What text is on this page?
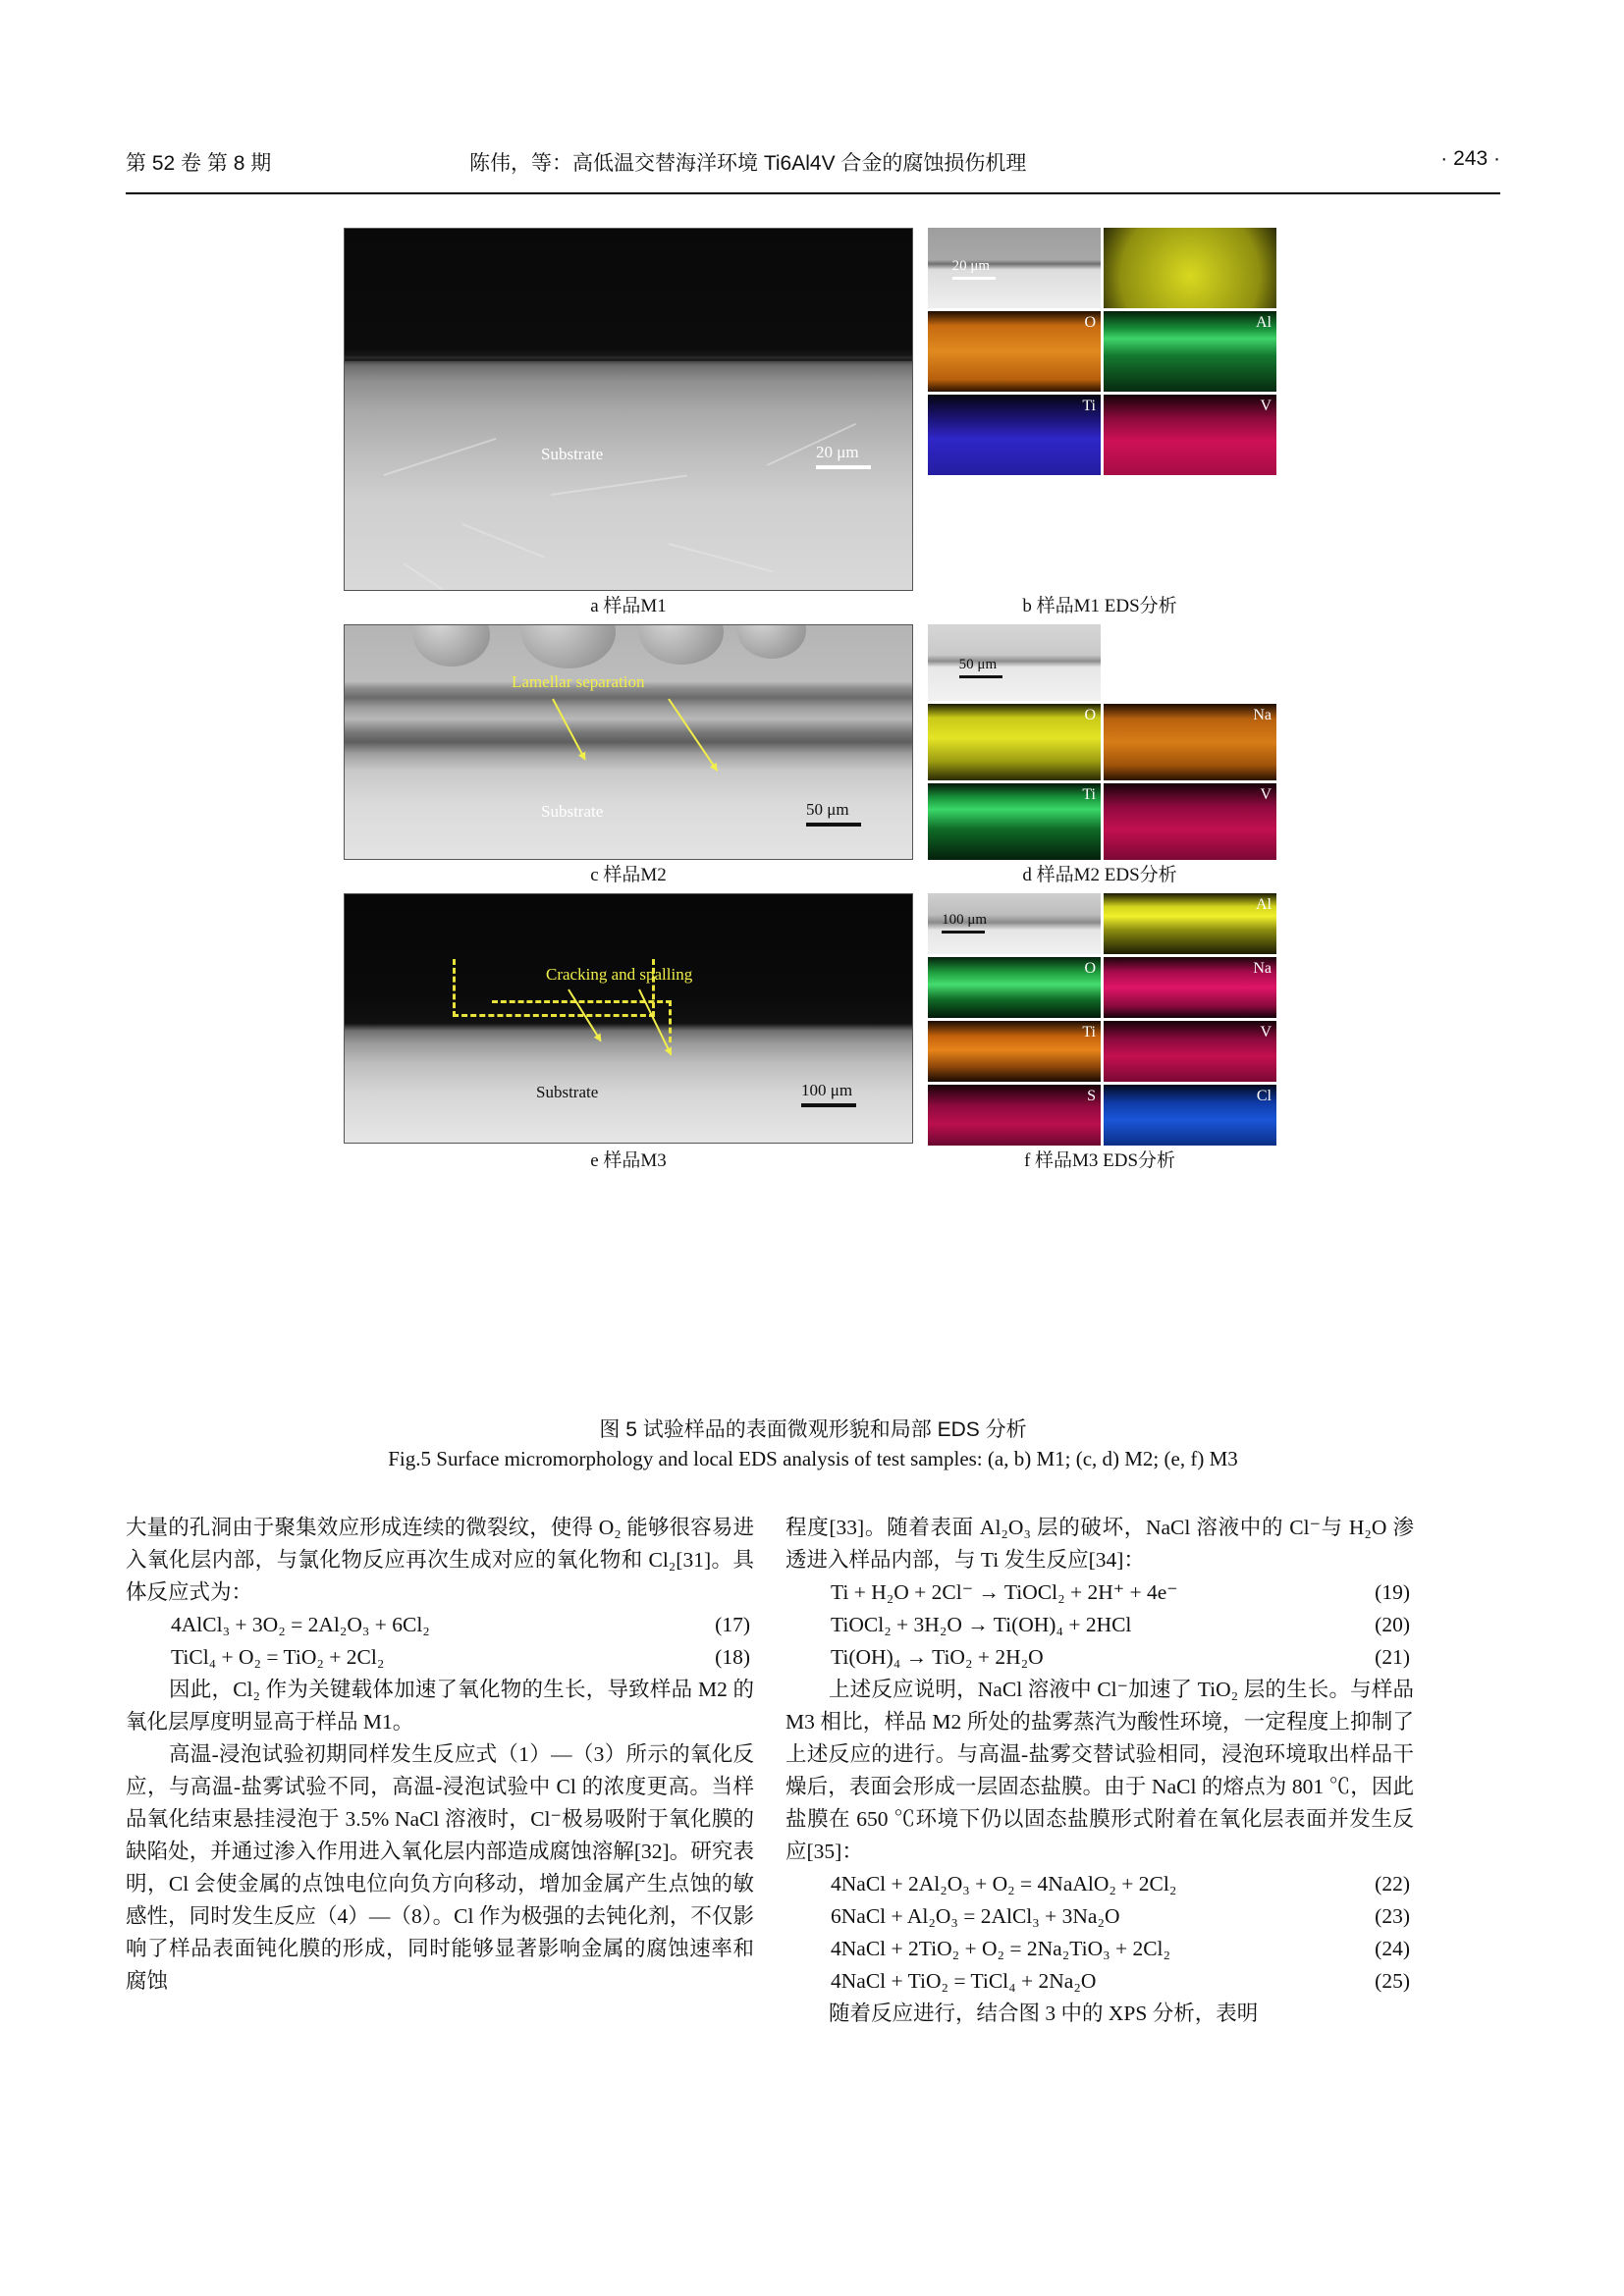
第 52 卷 第 8 期	陈伟，等：高低温交替海洋环境 Ti6Al4V 合金的腐蚀损伤机理	· 243 ·
Substrate	20 μm
20 μm
O	Al
Ti	V
a 样品M1	b 样品M1 EDS分析
Lamellar separation
Substrate	50 μm
50 μm
Al
O	Na
Ti	V
c 样品M2	d 样品M2 EDS分析
Cracking and spalling
Substrate	100 μm
100 μm
Al
O	Na
Ti	V
S	Cl
e 样品M3	f 样品M3 EDS分析
图 5 试验样品的表面微观形貌和局部 EDS 分析
Fig.5 Surface micromorphology and local EDS analysis of test samples: (a, b) M1; (c, d) M2; (e, f) M3

大量的孔洞由于聚集效应形成连续的微裂纹，使得 O₂ 能够很容易进入氧化层内部，与氯化物反应再次生成对应的氧化物和 Cl₂[31]。具体反应式为：

4AlCl₃ + 3O₂ = 2Al₂O₃ + 6Cl₂	(17)
TiCl₄ + O₂ = TiO₂ + 2Cl₂	(18)

因此，Cl₂ 作为关键载体加速了氧化物的生长，导致样品 M2 的氧化层厚度明显高于样品 M1。

高温-浸泡试验初期同样发生反应式（1）—（3）所示的氧化反应，与高温-盐雾试验不同，高温-浸泡试验中 Cl 的浓度更高。当样品氧化结束悬挂浸泡于 3.5% NaCl 溶液时，Cl⁻极易吸附于氧化膜的缺陷处，并通过渗入作用进入氧化层内部造成腐蚀溶解[32]。研究表明，Cl 会使金属的点蚀电位向负方向移动，增加金属产生点蚀的敏感性，同时发生反应（4）—（8）。Cl 作为极强的去钝化剂，不仅影响了样品表面钝化膜的形成，同时能够显著影响金属的腐蚀速率和腐蚀

程度[33]。随着表面 Al₂O₃ 层的破坏，NaCl 溶液中的 Cl⁻与 H₂O 渗透进入样品内部，与 Ti 发生反应[34]：

Ti + H₂O + 2Cl⁻ → TiOCl₂ + 2H⁺ + 4e⁻	(19)
TiOCl₂ + 3H₂O → Ti(OH)₄ + 2HCl	(20)
Ti(OH)₄ → TiO₂ + 2H₂O	(21)

上述反应说明，NaCl 溶液中 Cl⁻加速了 TiO₂ 层的生长。与样品 M3 相比，样品 M2 所处的盐雾蒸汽为酸性环境，一定程度上抑制了上述反应的进行。与高温-盐雾交替试验相同，浸泡环境取出样品干燥后，表面会形成一层固态盐膜。由于 NaCl 的熔点为 801 ℃，因此盐膜在 650 ℃环境下仍以固态盐膜形式附着在氧化层表面并发生反应[35]：

4NaCl + 2Al₂O₃ + O₂ = 4NaAlO₂ + 2Cl₂	(22)
6NaCl + Al₂O₃ = 2AlCl₃ + 3Na₂O	(23)
4NaCl + 2TiO₂ + O₂ = 2Na₂TiO₃ + 2Cl₂	(24)
4NaCl + TiO₂ = TiCl₄ + 2Na₂O	(25)

随着反应进行，结合图 3 中的 XPS 分析，表明
